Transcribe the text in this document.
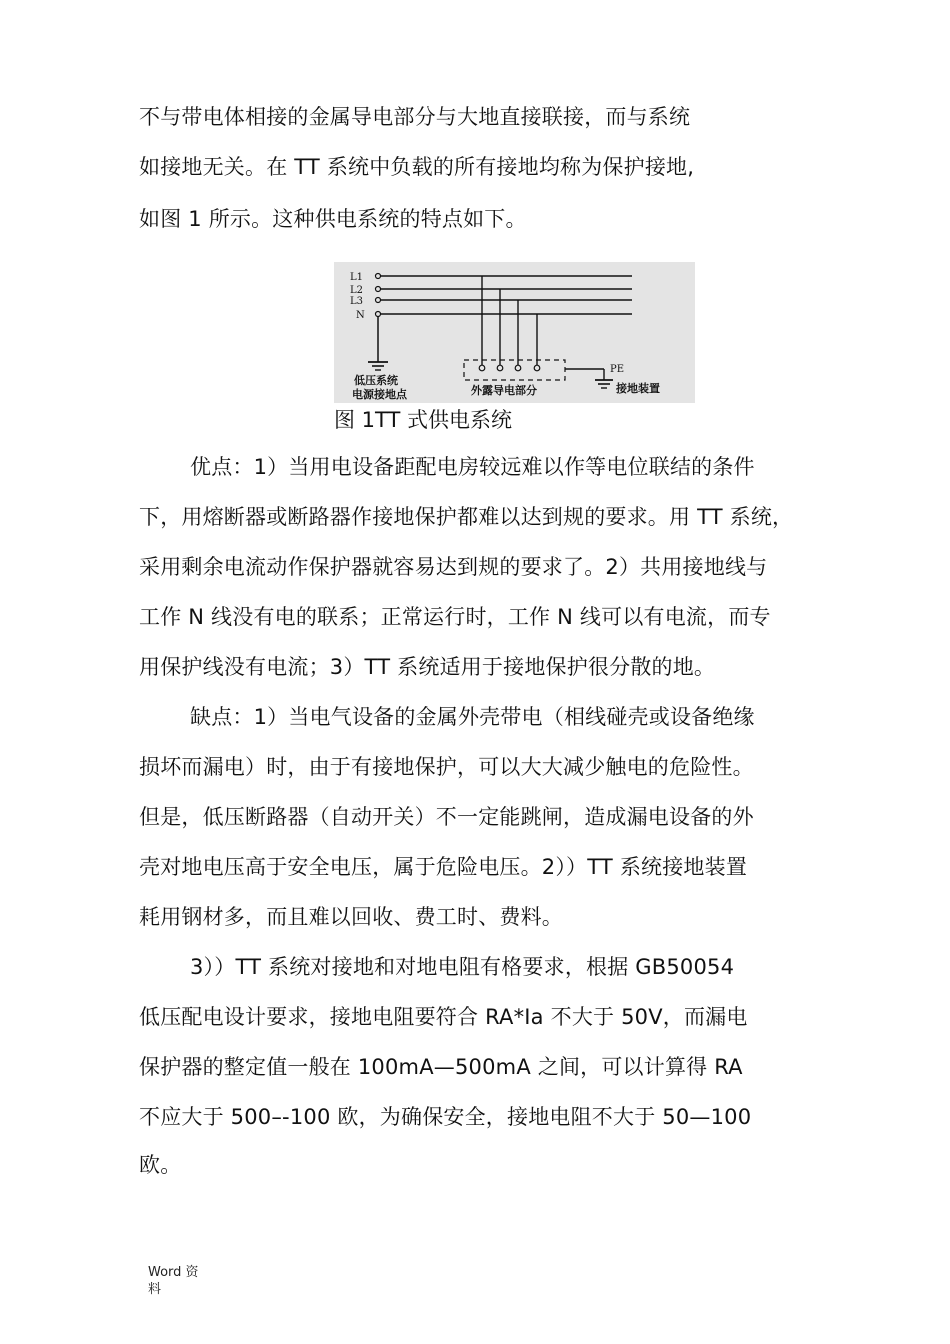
不与带电体相接的金属导电部分与大地直接联接，而与系统
如接地无关。在 TT 系统中负载的所有接地均称为保护接地,
如图 1 所示。这种供电系统的特点如下。
L1
L2
L3
N
低压系统
电源接地点	外露导电部分
PE
接地装置
图 1TT 式供电系统
优点：1）当用电设备距配电房较远难以作等电位联结的条件
下，用熔断器或断路器作接地保护都难以达到规的要求。用 TT 系统，
采用剩余电流动作保护器就容易达到规的要求了。2）共用接地线与
工作 N 线没有电的联系；正常运行时，工作 N 线可以有电流，而专
用保护线没有电流；3）TT 系统适用于接地保护很分散的地。
缺点：1）当电气设备的金属外壳带电（相线碰壳或设备绝缘
损坏而漏电）时，由于有接地保护，可以大大减少触电的危险性。
但是，低压断路器（自动开关）不一定能跳闸，造成漏电设备的外
壳对地电压高于安全电压，属于危险电压。2））TT 系统接地装置
耗用钢材多，而且难以回收、费工时、费料。
3））TT 系统对接地和对地电阻有格要求，根据 GB50054
低压配电设计要求，接地电阻要符合 RA*Ia 不大于 50V，而漏电
保护器的整定值一般在 100mA—500mA 之间，可以计算得 RA
不应大于 500–-100 欧，为确保安全，接地电阻不大于 50—100
欧。
Word 资
料
